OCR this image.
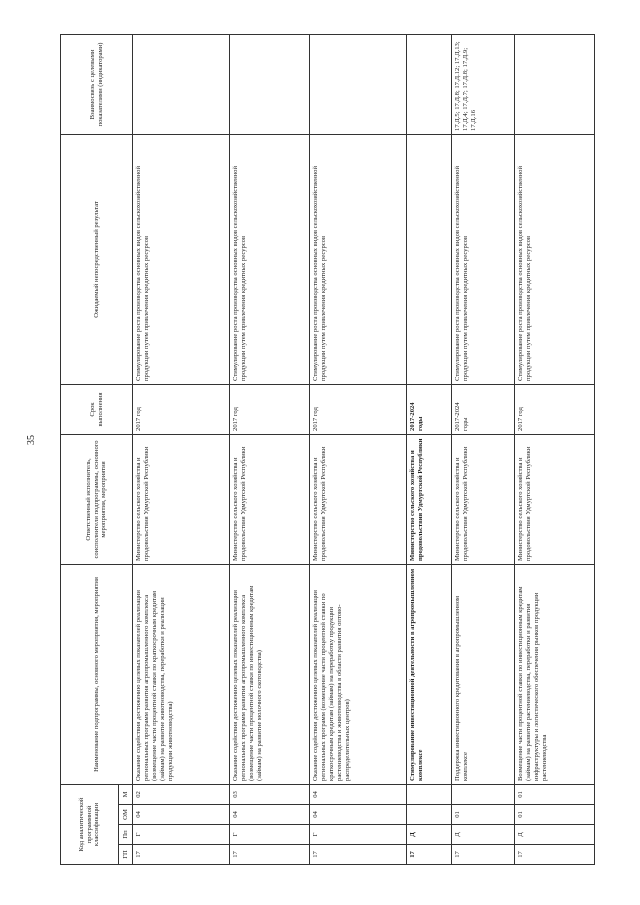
35
Код аналитической программной классификации				Наименование подпрограммы, основного мероприятия, мероприятия	Ответственный исполнитель, соисполнители подпрограммы, основного мероприятия, мероприятия	Срок выполнения	Ожидаемый непосредственный результат	Взаимосвязь с целевыми показателями (индикаторами)
ГП	Пп	ОМ	М					
17	Г	04	02	Оказание содействия достижению целевых показателей реализации региональных программ развития агропромышленного комплекса (возмещение части процентной ставки по краткосрочным кредитам (займам) на развитие животноводства, переработки и реализации продукции животноводства)	Министерство сельского хозяйства и продовольствия Удмуртской Республики	2017 год	Стимулирование роста производства основных видов сельскохозяйственной продукции путем привлечения кредитных ресурсов	
17	Г	04	03	Оказание содействия достижению целевых показателей реализации региональных программ развития агропромышленного комплекса (возмещение части процентной ставки по инвестиционным кредитам (займам) на развитие молочного скотоводства)	Министерство сельского хозяйства и продовольствия Удмуртской Республики	2017 год	Стимулирование роста производства основных видов сельскохозяйственной продукции путем привлечения кредитных ресурсов	
17	Г	04	04	Оказание содействия достижению целевых показателей реализации региональных программ (возмещение части процентной ставки по краткосрочным кредитам (займам) на переработку продукции растениеводства и животноводства в области развития оптово-распределительных центров)	Министерство сельского хозяйства и продовольствия Удмуртской Республики	2017 год	Стимулирование роста производства основных видов сельскохозяйственной продукции путем привлечения кредитных ресурсов	
17	Д			Стимулирование инвестиционной деятельности в агропромышленном комплексе	Министерство сельского хозяйства и продовольствия Удмуртской Республики	2017-2024 годы		
17	Д	01		Поддержка инвестиционного кредитования в агропромышленном комплексе	Министерство сельского хозяйства и продовольствия Удмуртской Республики	2017-2024 годы	Стимулирование роста производства основных видов сельскохозяйственной продукции путем привлечения кредитных ресурсов	17.Д.5; 17.Д.8; 17.Д.12; 17.Д.13; 17.Д.4; 17.Д.7; 17.Д.8; 17.Д.9; 17.Д.16
17	Д	01	01	Возмещение части процентной ставки по инвестиционным кредитам (займам) на развитие растениеводства, переработки и развития инфраструктуры и логистического обеспечения рынков продукции растениеводства	Министерство сельского хозяйства и продовольствия Удмуртской Республики	2017 год	Стимулирование роста производства основных видов сельскохозяйственной продукции путем привлечения кредитных ресурсов	
